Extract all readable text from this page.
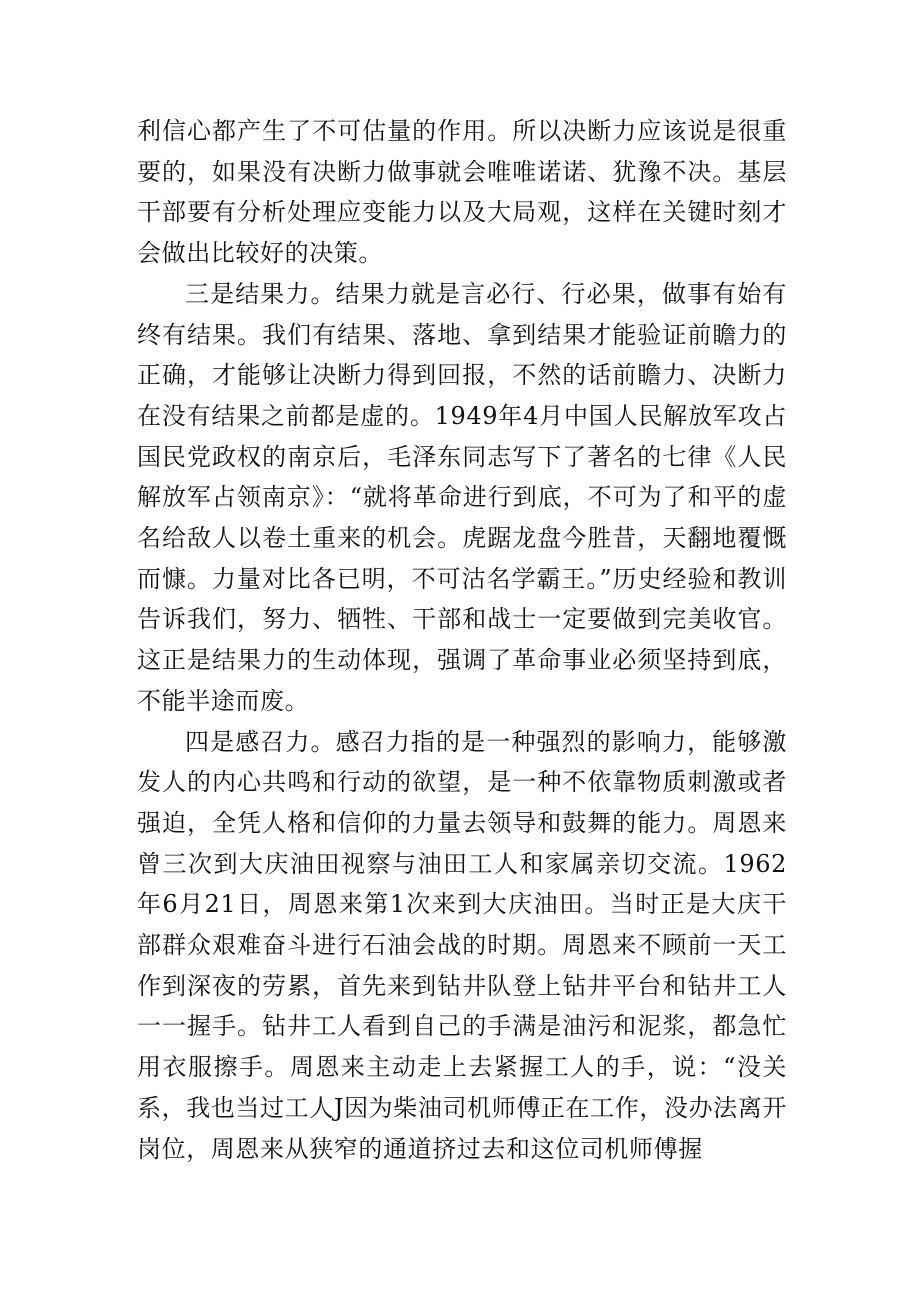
利信心都产生了不可估量的作用。所以决断力应该说是很重要的，如果没有决断力做事就会唯唯诺诺、犹豫不决。基层干部要有分析处理应变能力以及大局观，这样在关键时刻才会做出比较好的决策。

三是结果力。结果力就是言必行、行必果，做事有始有终有结果。我们有结果、落地、拿到结果才能验证前瞻力的正确，才能够让决断力得到回报，不然的话前瞻力、决断力在没有结果之前都是虚的。1949年4月中国人民解放军攻占国民党政权的南京后，毛泽东同志写下了著名的七律《人民解放军占领南京》：“就将革命进行到底，不可为了和平的虚名给敌人以卷土重来的机会。虎踞龙盘今胜昔，天翻地覆慨而慷。力量对比各已明，不可沽名学霸王。”历史经验和教训告诉我们，努力、牺牲、干部和战士一定要做到完美收官。这正是结果力的生动体现，强调了革命事业必须坚持到底，不能半途而废。

四是感召力。感召力指的是一种强烈的影响力，能够激发人的内心共鸣和行动的欲望，是一种不依靠物质刺激或者强迫，全凭人格和信仰的力量去领导和鼓舞的能力。周恩来曾三次到大庆油田视察与油田工人和家属亲切交流。1962年6月21日，周恩来第1次来到大庆油田。当时正是大庆干部群众艰难奋斗进行石油会战的时期。周恩来不顾前一天工作到深夜的劳累，首先来到钻井队登上钻井平台和钻井工人一一握手。钻井工人看到自己的手满是油污和泥浆，都急忙用衣服擦手。周恩来主动走上去紧握工人的手，说：“没关系，我也当过工人J因为柴油司机师傅正在工作，没办法离开岗位，周恩来从狭窄的通道挤过去和这位司机师傅握
